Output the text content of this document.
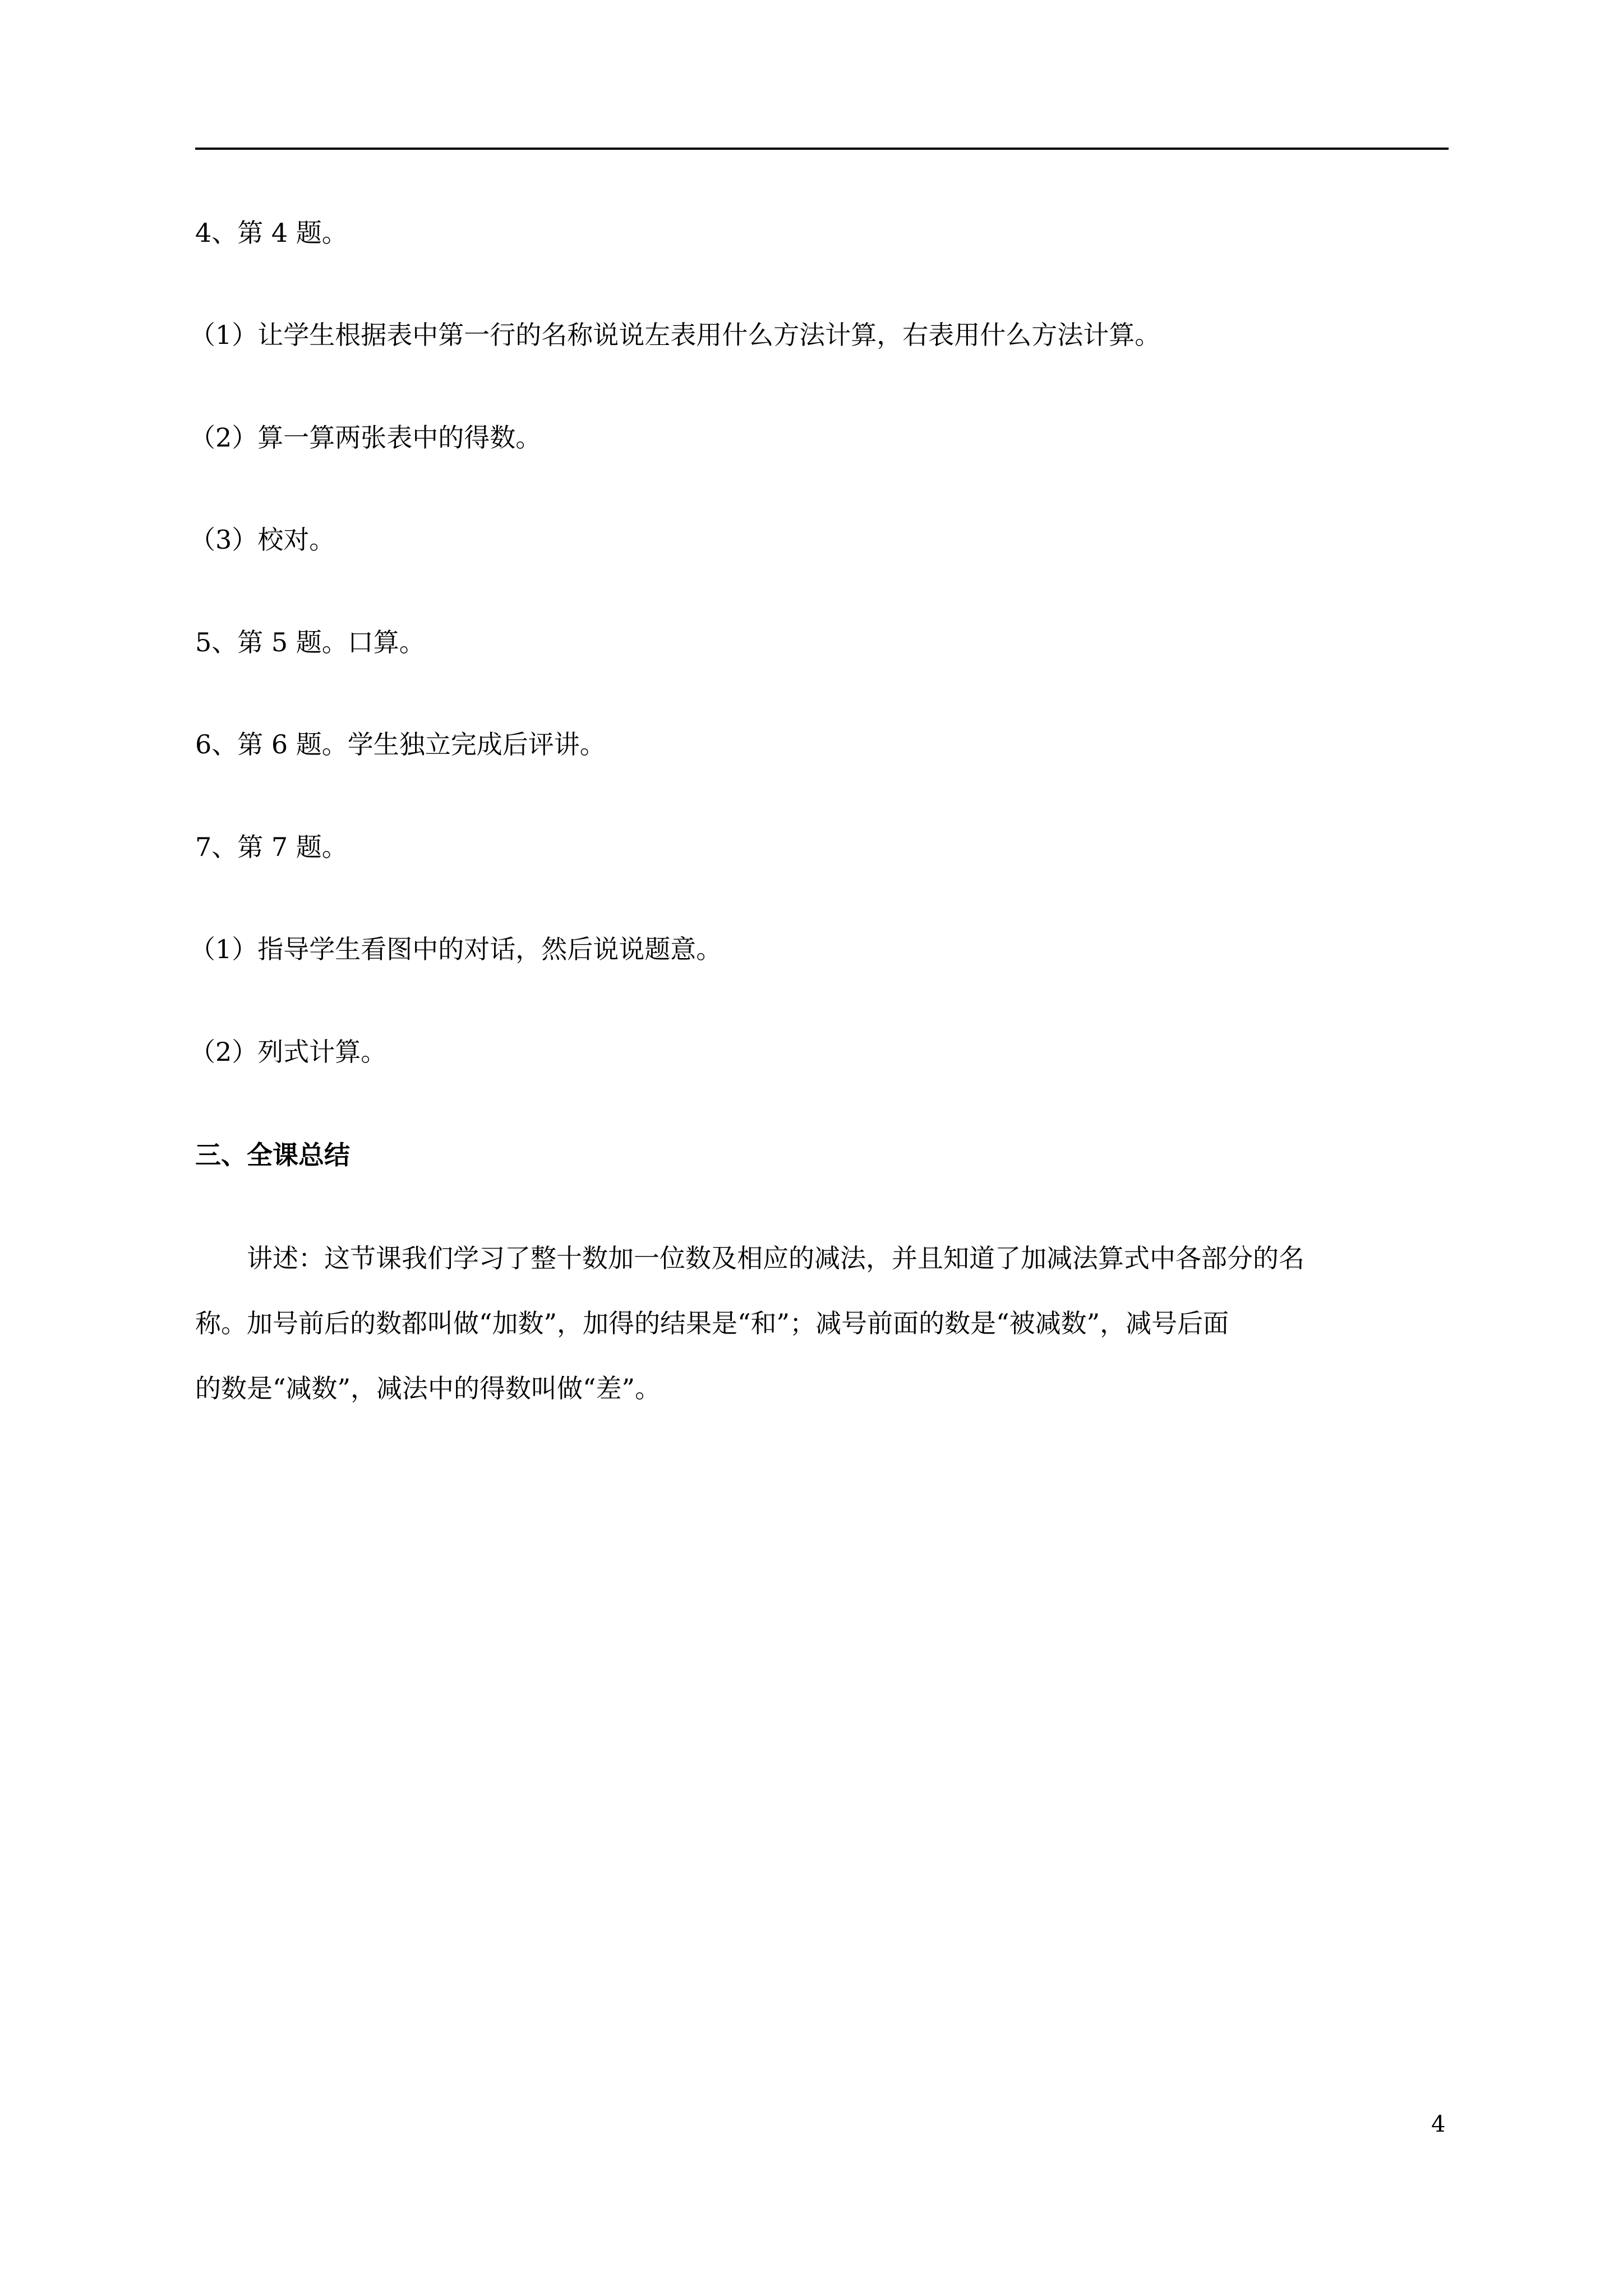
4、第 4 题。
（1）让学生根据表中第一行的名称说说左表用什么方法计算，右表用什么方法计算。
（2）算一算两张表中的得数。
（3）校对。
5、第 5 题。口算。
6、第 6 题。学生独立完成后评讲。
7、第 7 题。
（1）指导学生看图中的对话，然后说说题意。
（2）列式计算。
三、全课总结
　　讲述：这节课我们学习了整十数加一位数及相应的减法，并且知道了加减法算式中各部分的名
称。加号前后的数都叫做“加数”，加得的结果是“和”；减号前面的数是“被减数”，减号后面
的数是“减数”，减法中的得数叫做“差”。
4
